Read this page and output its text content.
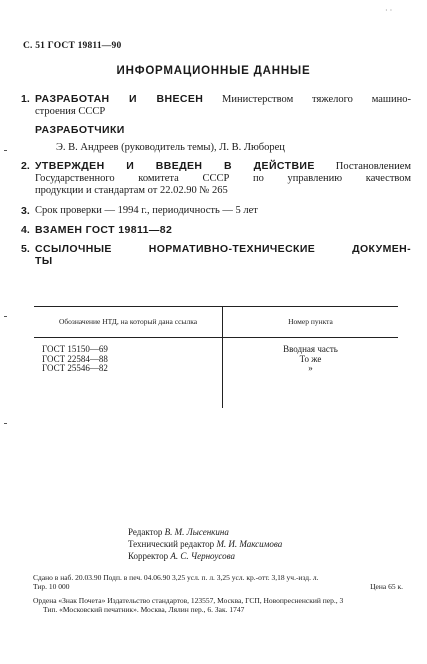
· ·
С. 51 ГОСТ 19811—90
ИНФОРМАЦИОННЫЕ ДАННЫЕ
1. РАЗРАБОТАН И ВНЕСЕН Министерством тяжелого машино-
строения СССР
РАЗРАБОТЧИКИ
Э. В. Андреев (руководитель темы), Л. В. Люборец
2. УТВЕРЖДЕН И ВВЕДЕН В ДЕЙСТВИЕ Постановлением
Государственного комитета СССР по управлению качеством
продукции и стандартам от 22.02.90 № 265
3. Срок проверки — 1994 г., периодичность — 5 лет
4. ВЗАМЕН ГОСТ 19811—82
5. ССЫЛОЧНЫЕ НОРМАТИВНО-ТЕХНИЧЕСКИЕ ДОКУМЕН-
ТЫ
Обозначение НТД, на который дана ссылка	Номер пункта
ГОСТ 15150—69	Вводная часть
ГОСТ 22584—88	То же
ГОСТ 25546—82	»
Редактор В. М. Лысенкина
Технический редактор М. И. Максимова
Корректор А. С. Черноусова
Сдано в наб. 20.03.90 Подп. в печ. 04.06.90 3,25 усл. п. л. 3,25 усл. кр.-отт. 3,18 уч.-изд. л.
Тир. 10 000	Цена 65 к.
Ордена «Знак Почета» Издательство стандартов, 123557, Москва, ГСП, Новопресненский пер., 3
Тип. «Московский печатник». Москва, Лялин пер., 6. Зак. 1747
